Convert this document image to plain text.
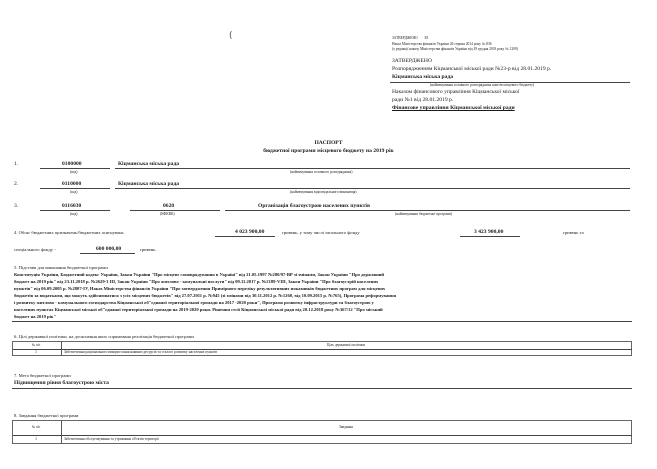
(	ЗАТВЕРДЖЕНО 83
Наказ Міністерства фінансів України 26 серпня 2014 року № 836
(у редакції наказу Міністерства фінансів України від 29 грудня 2018 року № 1209)
ЗАТВЕРДЖЕНО
Розпорядженням Кіцманської міської ради №23-р від 28.01.2019 р.
Кіцманська міська рада
(найменування головного розпорядника коштів місцевого бюджету)
Наказом фінансового управління Кіцманської міської
ради №1 від 28.01.2019 р.
Фінансове управління Кіцманської міської ради
ПАСПОРТ
бюджетної програми місцевого бюджету на 2019 рік
1.	0100000
(код)
Кіцманська міська рада
(найменування головного розпорядника)
2.	0110000
(код)
Кіцманська міська рада
(найменування відповідального виконавця)
3.	0116030
(код)
0620
(КФКВК)
Організація благоустрою населених пунктів
(найменування бюджетної програми)
4. Обсяг бюджетних призначень/бюджетних асигнувань	4 023 900,00	гривень, у тому числі загального фонду	3 423 900,00	гривень та
спеціального фонду -	600 000,00	гривень.
5. Підстави для виконання бюджетної програми
Конституція України, Бюджетний кодекс України, Закон України "Про місцеве самоврядування в Україні" від 21.05.1997 №280/97-ВР зі змінами, Закон України "Про державний
бюджет на 2019 рік" від 23.11.2018 р. №2629-3 ІІІ, Закон України "Про житлово - комунальні послуги" від 09.11.2017 р. №2189-VІІІ, Закон України "Про благоустрій населених
пунктів" від 06.09.2005 р. №2807-ІУ, Наказ Міністерства фінансів України "Про затвердження Примірного переліку результативних показників бюджетних програм для місцевих
бюджетів за видатками, що можуть здійснюватися з усіх місцевих бюджетів" від 27.07.2011 р. №945 (зі змінами від 30.11.2012 р. №1260, від 10.09.2015 р. №765), Програма реформування
і розвитку житлово - комунального господарства Кіцманської об"єднаної територіальної громади на 2017 -2020 роки", Програма розвитку інфраструктури та благоустрою у
населених пунктах Кіцманської міської об"єднаної територіальної громади на 2019-2020 роки. Рішення сесії Кіцманської міської ради від 20.12.2018 року №367/12 "Про міський
бюджет на 2019 рік"
6. Цілі державної політики, на досягнення яких спрямована реалізація бюджетної програми
№ з/п	Ціль державної політики
1	Забезпечення раціонального використання наявних ресурсів та сталого розвитку населених пунктів
7. Мета бюджетної програми
Підвищення рівня благоустрою міста
8. Завдання бюджетної програми
№ з/п	Завдання
1	Забезпечення обслуговування та утримання об'єктів території
